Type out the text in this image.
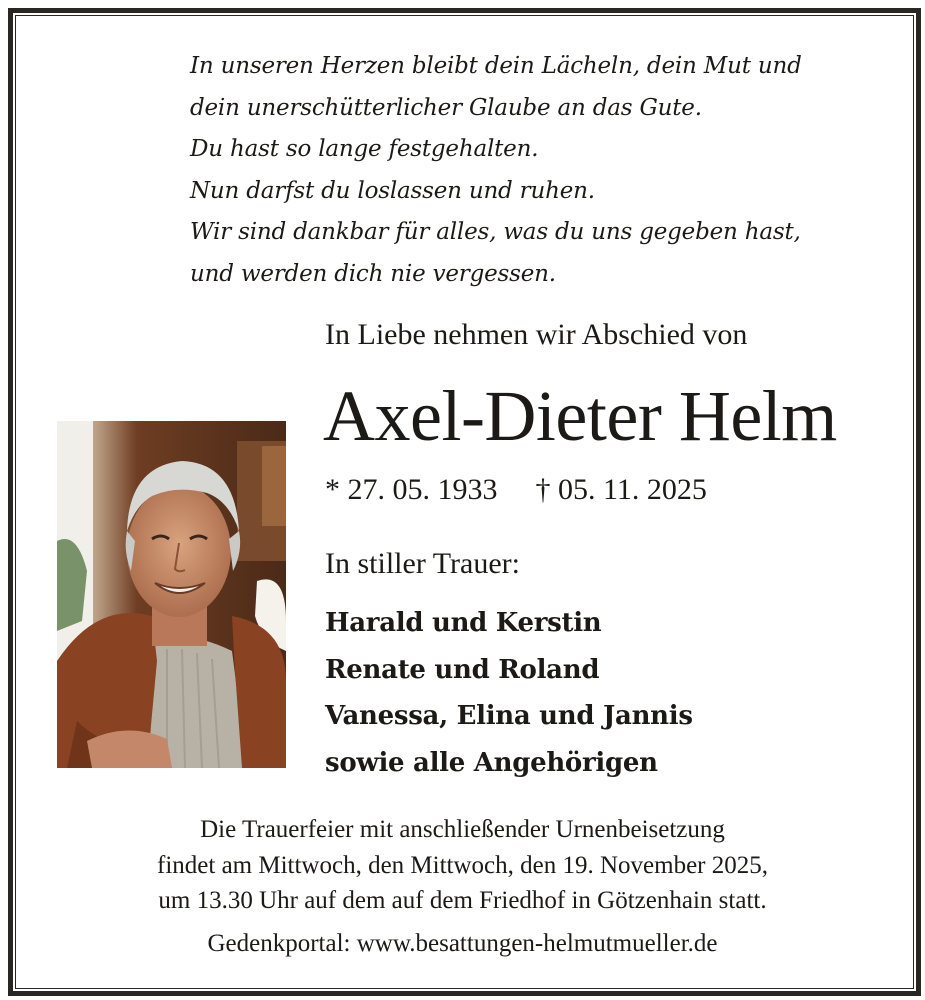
In unseren Herzen bleibt dein Lächeln, dein Mut und
dein unerschütterlicher Glaube an das Gute.
Du hast so lange festgehalten.
Nun darfst du loslassen und ruhen.
Wir sind dankbar für alles, was du uns gegeben hast,
und werden dich nie vergessen.
In Liebe nehmen wir Abschied von
Axel-Dieter Helm
* 27. 05. 1933 † 05. 11. 2025
In stiller Trauer:
Harald und Kerstin
Renate und Roland
Vanessa, Elina und Jannis
sowie alle Angehörigen
Die Trauerfeier mit anschließender Urnenbeisetzung
findet am Mittwoch, den Mittwoch, den 19. November 2025,
um 13.30 Uhr auf dem auf dem Friedhof in Götzenhain statt.
Gedenkportal: www.besattungen-helmutmueller.de
